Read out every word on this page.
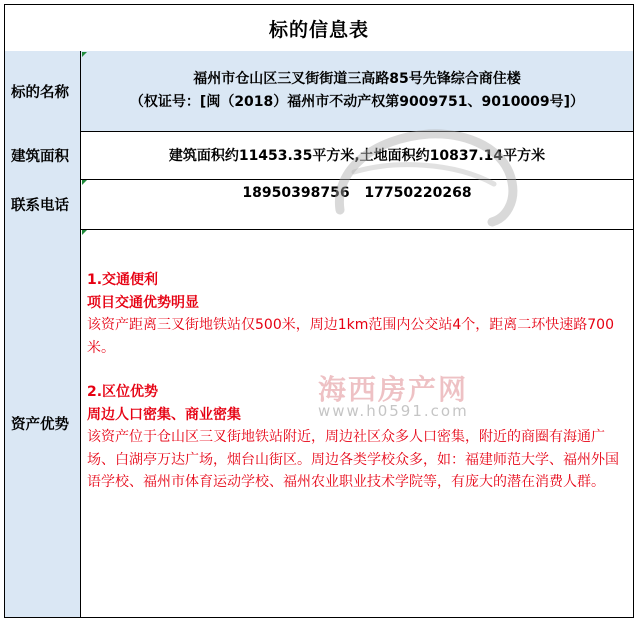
标的信息表
标的名称
福州市仓山区三叉街街道三高路85号先锋综合商住楼
（权证号：[闽（2018）福州市不动产权第9009751、9010009号]）
建筑面积	建筑面积约11453.35平方米,土地面积约10837.14平方米
联系电话
18950398756 17750220268
资产优势

1.交通便利

项目交通优势明显

该资产距离三叉街地铁站仅500米，周边1km范围内公交站4个，距离二环快速路700米。

2.区位优势

周边人口密集、商业密集

该资产位于仓山区三叉街地铁站附近，周边社区众多人口密集，附近的商圈有海通广场、白湖亭万达广场，烟台山街区。周边各类学校众多，如：福建师范大学、福州外国语学校、福州市体育运动学校、福州农业职业技术学院等，有庞大的潜在消费人群。

海西房产网
www.h0591.com
